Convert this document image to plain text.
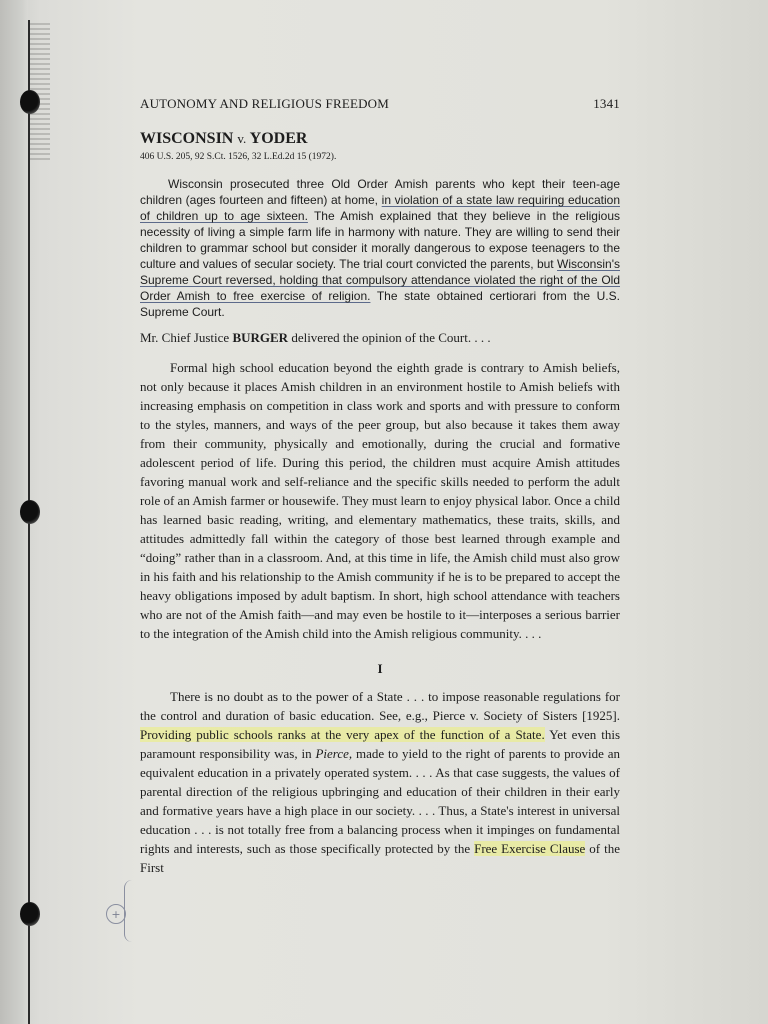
+
AUTONOMY AND RELIGIOUS FREEDOM	1341
WISCONSIN v. YODER
406 U.S. 205, 92 S.Ct. 1526, 32 L.Ed.2d 15 (1972).

Wisconsin prosecuted three Old Order Amish parents who kept their teen-age children (ages fourteen and fifteen) at home, in violation of a state law requiring education of children up to age sixteen. The Amish explained that they believe in the religious necessity of living a simple farm life in harmony with nature. They are willing to send their children to grammar school but consider it morally dangerous to expose teenagers to the culture and values of secular society. The trial court convicted the parents, but Wisconsin's Supreme Court reversed, holding that compulsory attendance violated the right of the Old Order Amish to free exercise of religion. The state obtained certiorari from the U.S. Supreme Court.

Mr. Chief Justice BURGER delivered the opinion of the Court. . . .

Formal high school education beyond the eighth grade is contrary to Amish beliefs, not only because it places Amish children in an environment hostile to Amish beliefs with increasing emphasis on competition in class work and sports and with pressure to conform to the styles, manners, and ways of the peer group, but also because it takes them away from their community, physically and emotionally, during the crucial and formative adolescent period of life. During this period, the children must acquire Amish attitudes favoring manual work and self-reliance and the specific skills needed to perform the adult role of an Amish farmer or housewife. They must learn to enjoy physical labor. Once a child has learned basic reading, writing, and elementary mathematics, these traits, skills, and attitudes admittedly fall within the category of those best learned through example and “doing” rather than in a classroom. And, at this time in life, the Amish child must also grow in his faith and his relationship to the Amish community if he is to be prepared to accept the heavy obligations imposed by adult baptism. In short, high school attendance with teachers who are not of the Amish faith—and may even be hostile to it—interposes a serious barrier to the integration of the Amish child into the Amish religious community. . . .

I

There is no doubt as to the power of a State . . . to impose reasonable regulations for the control and duration of basic education. See, e.g., Pierce v. Society of Sisters [1925]. Providing public schools ranks at the very apex of the function of a State. Yet even this paramount responsibility was, in Pierce, made to yield to the right of parents to provide an equivalent education in a privately operated system. . . . As that case suggests, the values of parental direction of the religious upbringing and education of their children in their early and formative years have a high place in our society. . . . Thus, a State's interest in universal education . . . is not totally free from a balancing process when it impinges on fundamental rights and interests, such as those specifically protected by the Free Exercise Clause of the First
